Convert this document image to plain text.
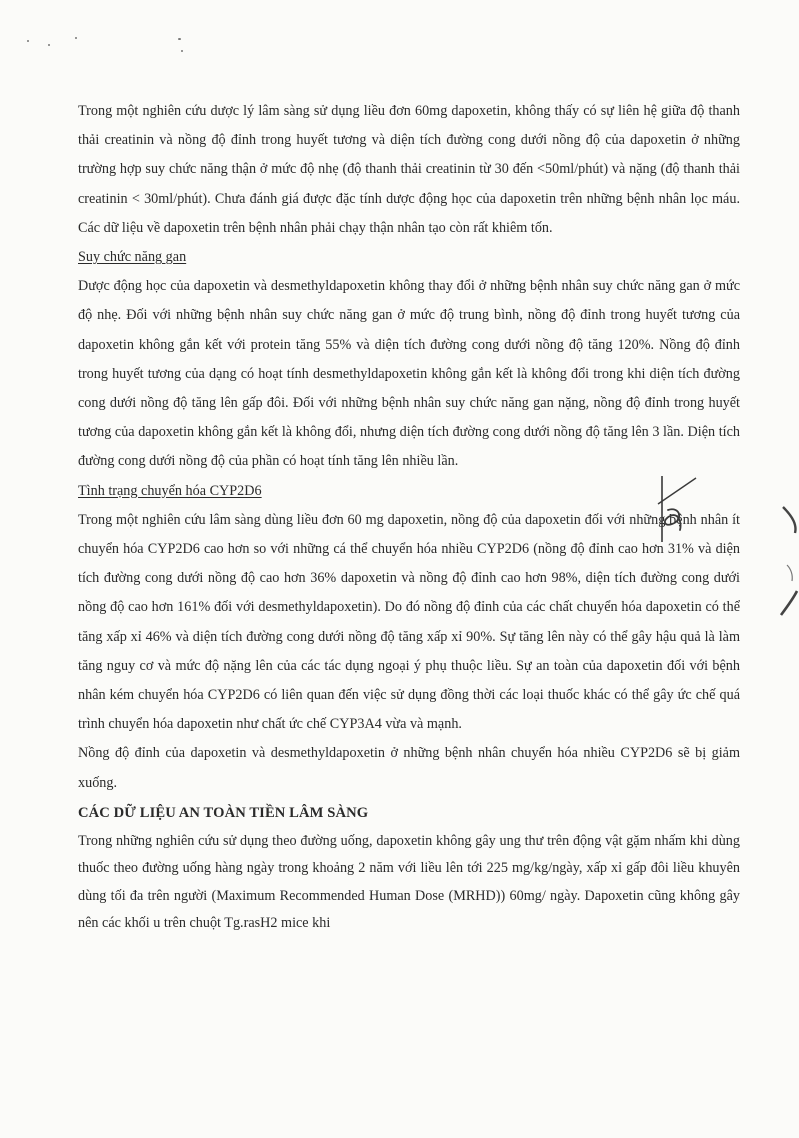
Trong một nghiên cứu dược lý lâm sàng sử dụng liều đơn 60mg dapoxetin, không thấy có sự liên hệ giữa độ thanh thải creatinin và nồng độ đỉnh trong huyết tương và diện tích đường cong dưới nồng độ của dapoxetin ở những trường hợp suy chức năng thận ở mức độ nhẹ (độ thanh thải creatinin từ 30 đến <50ml/phút) và nặng (độ thanh thải creatinin < 30ml/phút). Chưa đánh giá được đặc tính dược động học của dapoxetin trên những bệnh nhân lọc máu. Các dữ liệu về dapoxetin trên bệnh nhân phải chạy thận nhân tạo còn rất khiêm tốn.

Suy chức năng gan

Dược động học của dapoxetin và desmethyldapoxetin không thay đổi ở những bệnh nhân suy chức năng gan ở mức độ nhẹ. Đối với những bệnh nhân suy chức năng gan ở mức độ trung bình, nồng độ đỉnh trong huyết tương của dapoxetin không gắn kết với protein tăng 55% và diện tích đường cong dưới nồng độ tăng 120%. Nồng độ đỉnh trong huyết tương của dạng có hoạt tính desmethyldapoxetin không gắn kết là không đổi trong khi diện tích đường cong dưới nồng độ tăng lên gấp đôi. Đối với những bệnh nhân suy chức năng gan nặng, nồng độ đỉnh trong huyết tương của dapoxetin không gắn kết là không đổi, nhưng diện tích đường cong dưới nồng độ tăng lên 3 lần. Diện tích đường cong dưới nồng độ của phần có hoạt tính tăng lên nhiều lần.

Tình trạng chuyển hóa CYP2D6

Trong một nghiên cứu lâm sàng dùng liều đơn 60 mg dapoxetin, nồng độ của dapoxetin đối với những bệnh nhân ít chuyển hóa CYP2D6 cao hơn so với những cá thể chuyển hóa nhiều CYP2D6 (nồng độ đỉnh cao hơn 31% và diện tích đường cong dưới nồng độ cao hơn 36% dapoxetin và nồng độ đỉnh cao hơn 98%, diện tích đường cong dưới nồng độ cao hơn 161% đối với desmethyldapoxetin). Do đó nồng độ đỉnh của các chất chuyển hóa dapoxetin có thể tăng xấp xỉ 46% và diện tích đường cong dưới nồng độ tăng xấp xỉ 90%. Sự tăng lên này có thể gây hậu quả là làm tăng nguy cơ và mức độ nặng lên của các tác dụng ngoại ý phụ thuộc liều. Sự an toàn của dapoxetin đối với bệnh nhân kém chuyển hóa CYP2D6 có liên quan đến việc sử dụng đồng thời các loại thuốc khác có thể gây ức chế quá trình chuyển hóa dapoxetin như chất ức chế CYP3A4 vừa và mạnh.

Nồng độ đỉnh của dapoxetin và desmethyldapoxetin ở những bệnh nhân chuyển hóa nhiều CYP2D6 sẽ bị giảm xuống.

CÁC DỮ LIỆU AN TOÀN TIỀN LÂM SÀNG

Trong những nghiên cứu sử dụng theo đường uống, dapoxetin không gây ung thư trên động vật gặm nhấm khi dùng thuốc theo đường uống hàng ngày trong khoảng 2 năm với liều lên tới 225 mg/kg/ngày, xấp xỉ gấp đôi liều khuyên dùng tối đa trên người (Maximum Recommended Human Dose (MRHD)) 60mg/ ngày. Dapoxetin cũng không gây nên các khối u trên chuột Tg.rasH2 mice khi
